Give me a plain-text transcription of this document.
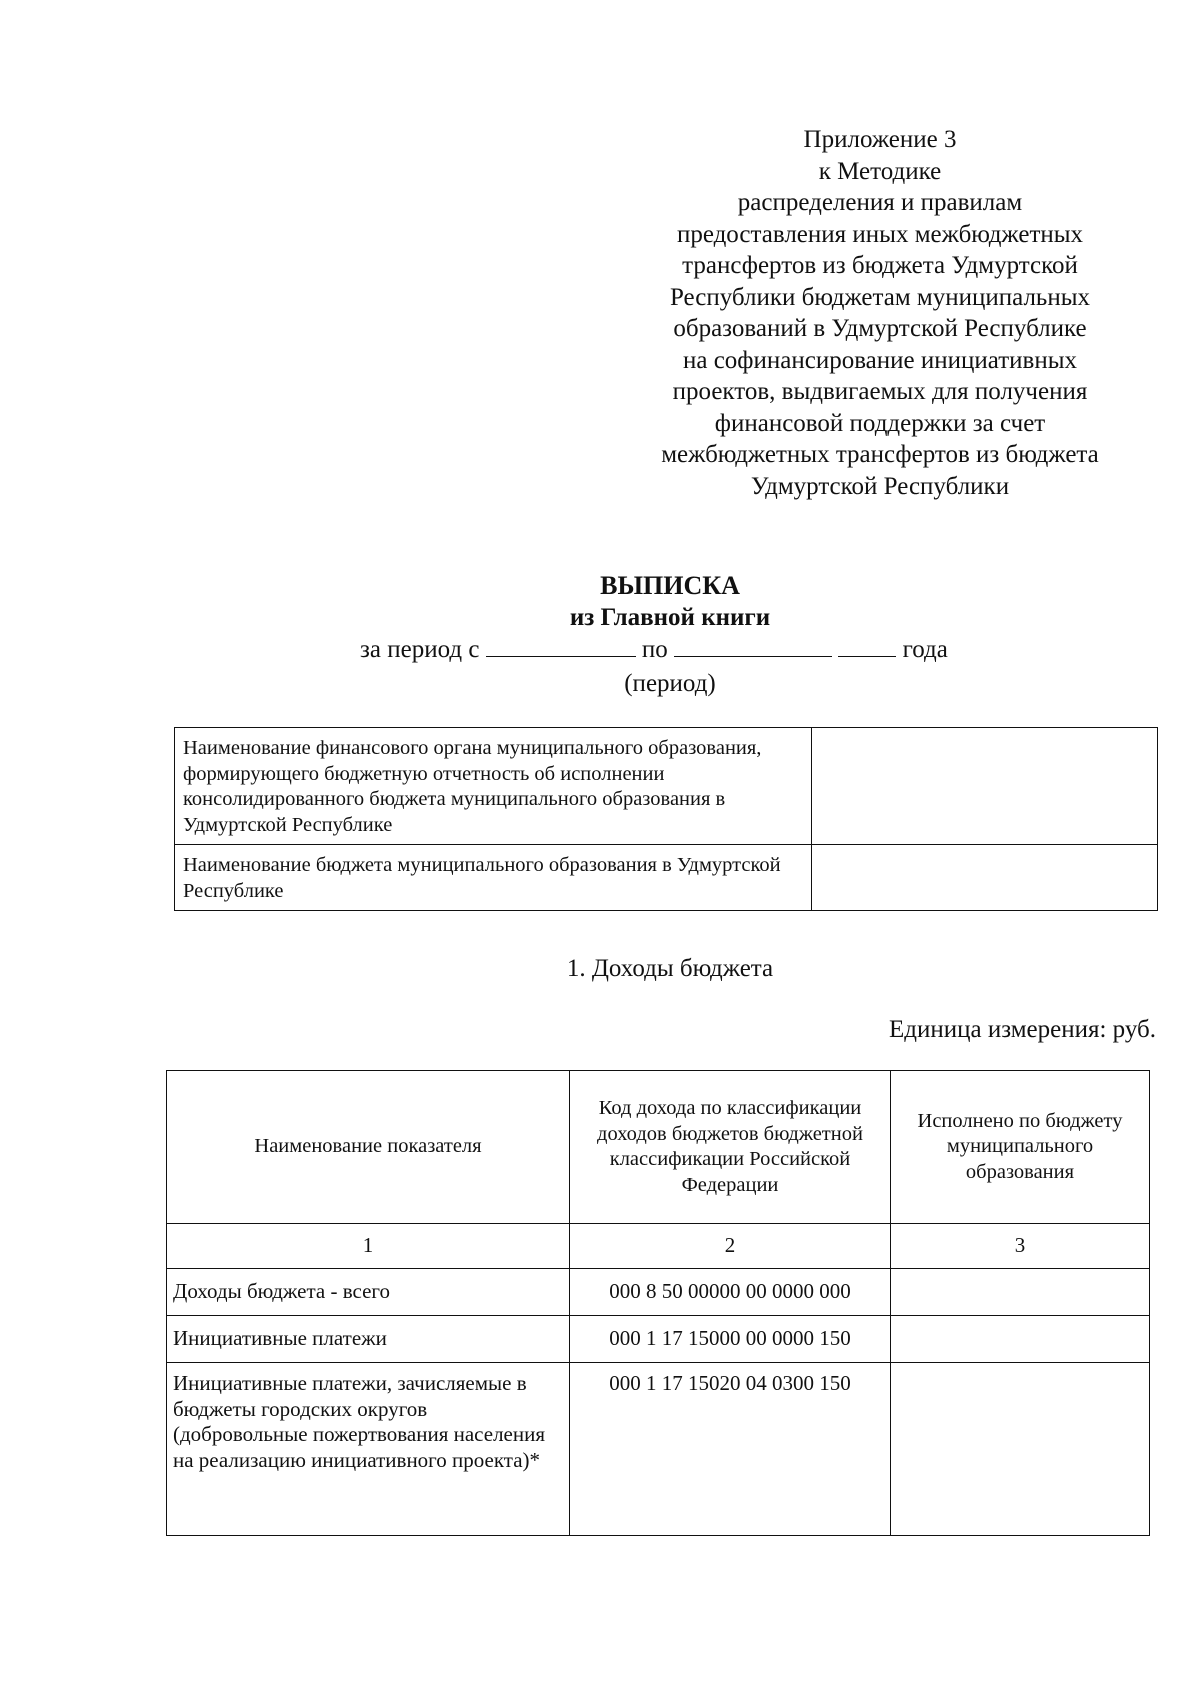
Приложение 3
к Методике
распределения и правилам
предоставления иных межбюджетных
трансфертов из бюджета Удмуртской
Республики бюджетам муниципальных
образований в Удмуртской Республике
на софинансирование инициативных
проектов, выдвигаемых для получения
финансовой поддержки за счет
межбюджетных трансфертов из бюджета
Удмуртской Республики
ВЫПИСКА
из Главной книги
за период с	по	года
(период)
Наименование финансового органа муниципального образования, формирующего бюджетную отчетность об исполнении консолидированного бюджета муниципального образования в Удмуртской Республике	
Наименование бюджета муниципального образования в Удмуртской Республике	
1. Доходы бюджета
Единица измерения: руб.
Наименование показателя	Код дохода по классификации доходов бюджетов бюджетной классификации Российской Федерации	Исполнено по бюджету муниципального образования
1	2	3
Доходы бюджета - всего	000 8 50 00000 00 0000 000	
Инициативные платежи	000 1 17 15000 00 0000 150	
Инициативные платежи, зачисляемые в бюджеты городских округов (добровольные пожертвования населения на реализацию инициативного проекта)*	000 1 17 15020 04 0300 150	
